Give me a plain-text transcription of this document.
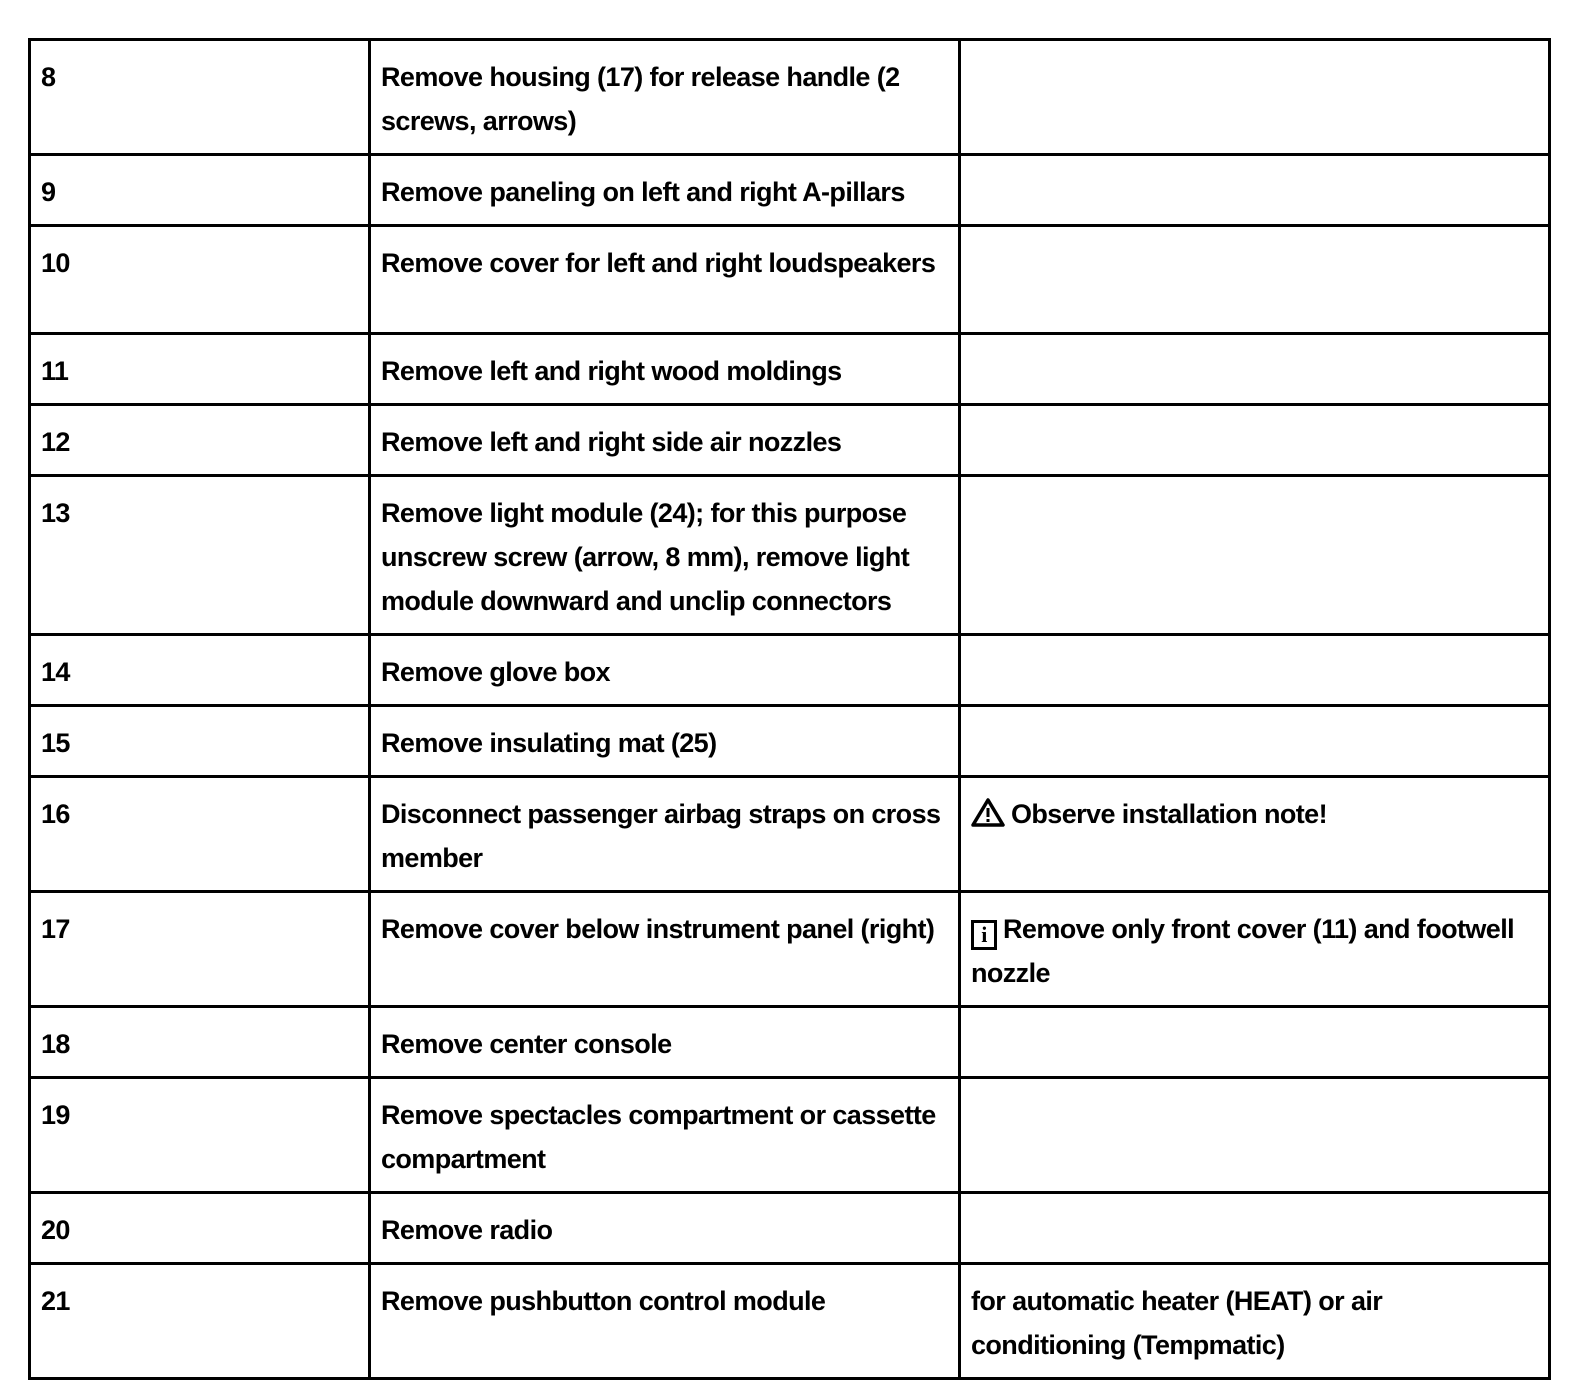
8	Remove housing (17) for release handle (2 screws, arrows)	
9	Remove paneling on left and right A-pillars	
10	Remove cover for left and right loudspeakers	
11	Remove left and right wood moldings	
12	Remove left and right side air nozzles	
13	Remove light module (24); for this purpose unscrew screw (arrow, 8 mm), remove light module downward and unclip connectors	
14	Remove glove box	
15	Remove insulating mat (25)	
16	Disconnect passenger airbag straps on cross member	Observe installation note!
17	Remove cover below instrument panel (right)	i Remove only front cover (11) and footwell nozzle
18	Remove center console	
19	Remove spectacles compartment or cassette compartment	
20	Remove radio	
21	Remove pushbutton control module	for automatic heater (HEAT) or air conditioning (Tempmatic)
